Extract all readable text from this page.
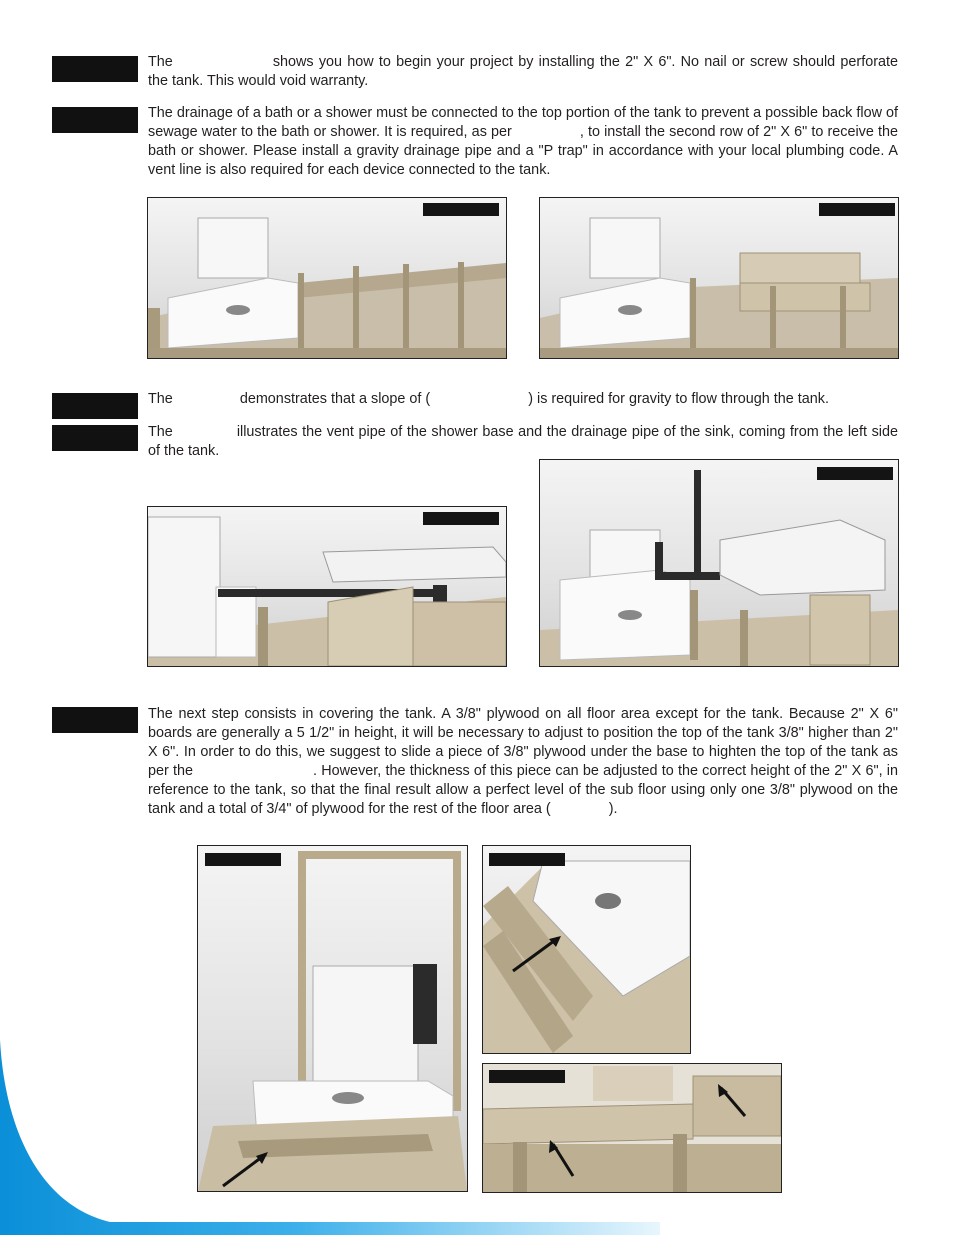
The	shows you how to begin your project by installing the 2" X 6". No nail or screw should perforate the tank. This would void warranty.

The drainage of a bath or a shower must be connected to the top portion of the tank to prevent a possible back flow of sewage water to the bath or shower. It is required, as per	, to install the second row of 2" X 6" to receive the bath or shower. Please install a gravity drainage pipe and a "P trap" in accordance with your local plumbing code. A vent line is also required for each device connected to the tank.

The	demonstrates that a slope of (	) is required for gravity to flow through the tank.

The	illustrates the vent pipe of the shower base and the drainage pipe of the sink, coming from the left side of the tank.

The next step consists in covering the tank. A 3/8" plywood on all floor area except for the tank. Because 2" X 6" boards are generally a 5 1/2" in height, it will be necessary to adjust to position the top of the tank 3/8" higher than 2" X 6". In order to do this, we suggest to slide a piece of 3/8" plywood under the base to highten the top of the tank as per the	. However, the thickness of this piece can be adjusted to the correct height of the 2" X 6", in reference to the tank, so that the final result allow a perfect level of the sub floor using only one 3/8" plywood on the tank and a total of 3/4" of plywood for the rest of the floor area (	).
